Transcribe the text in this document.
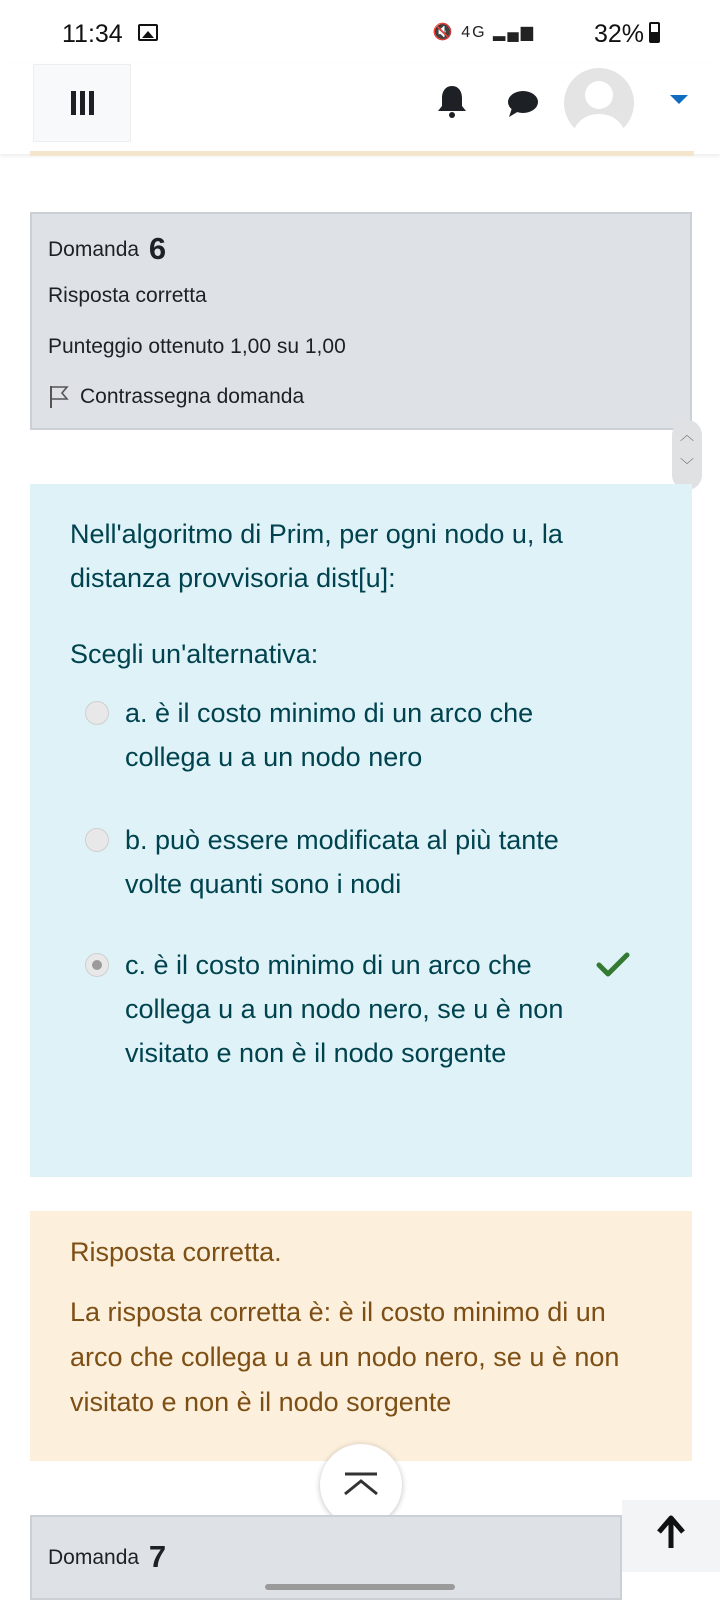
11:34	🔇 4G ▂▄▆ 32%
Domanda 6
Risposta corretta
Punteggio ottenuto 1,00 su 1,00
Contrassegna domanda
︿
﹀
Nell'algoritmo di Prim, per ogni nodo u, la distanza provvisoria dist[u]:
Scegli un'alternativa:
a. è il costo minimo di un arco che collega u a un nodo nero
b. può essere modificata al più tante volte quanti sono i nodi
c. è il costo minimo di un arco che collega u a un nodo nero, se u è non visitato e non è il nodo sorgente
Risposta corretta.
La risposta corretta è: è il costo minimo di un arco che collega u a un nodo nero, se u è non visitato e non è il nodo sorgente
Domanda 7
